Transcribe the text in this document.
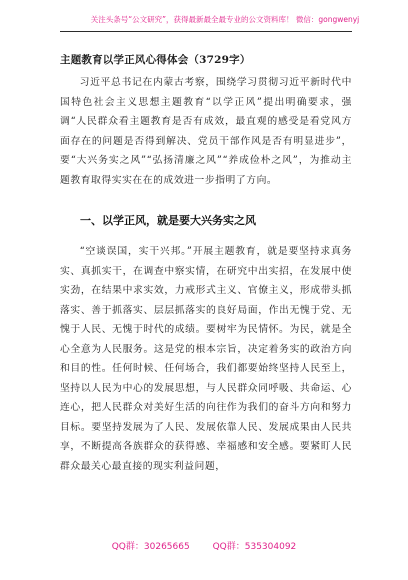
关注头条号“公文研究”，获得最新最全最专业的公文资料库！ 微信：gongwenyj
主题教育以学正风心得体会（3729字）

习近平总书记在内蒙古考察，围绕学习贯彻习近平新时代中国特色社会主义思想主题教育“以学正风”提出明确要求，强调“人民群众看主题教育是否有成效，最直观的感受是看党风方面存在的问题是否得到解决、党员干部作风是否有明显进步”，要“大兴务实之风”“弘扬清廉之风”“养成俭朴之风”，为推动主题教育取得实实在在的成效进一步指明了方向。

一、以学正风，就是要大兴务实之风

“空谈误国，实干兴邦。”开展主题教育，就是要坚持求真务实、真抓实干，在调查中察实情，在研究中出实招，在发展中使实劲，在结果中求实效，力戒形式主义、官僚主义，形成带头抓落实、善于抓落实、层层抓落实的良好局面，作出无愧于党、无愧于人民、无愧于时代的成绩。要树牢为民情怀。为民，就是全心全意为人民服务。这是党的根本宗旨，决定着务实的政治方向和目的性。任何时候、任何场合，我们都要始终坚持人民至上，坚持以人民为中心的发展思想，与人民群众同呼吸、共命运、心连心，把人民群众对美好生活的向往作为我们的奋斗方向和努力目标。要坚持发展为了人民、发展依靠人民、发展成果由人民共享，不断提高各族群众的获得感、幸福感和安全感。要紧盯人民群众最关心最直接的现实利益问题，

QQ群：30265665	QQ群：535304092
